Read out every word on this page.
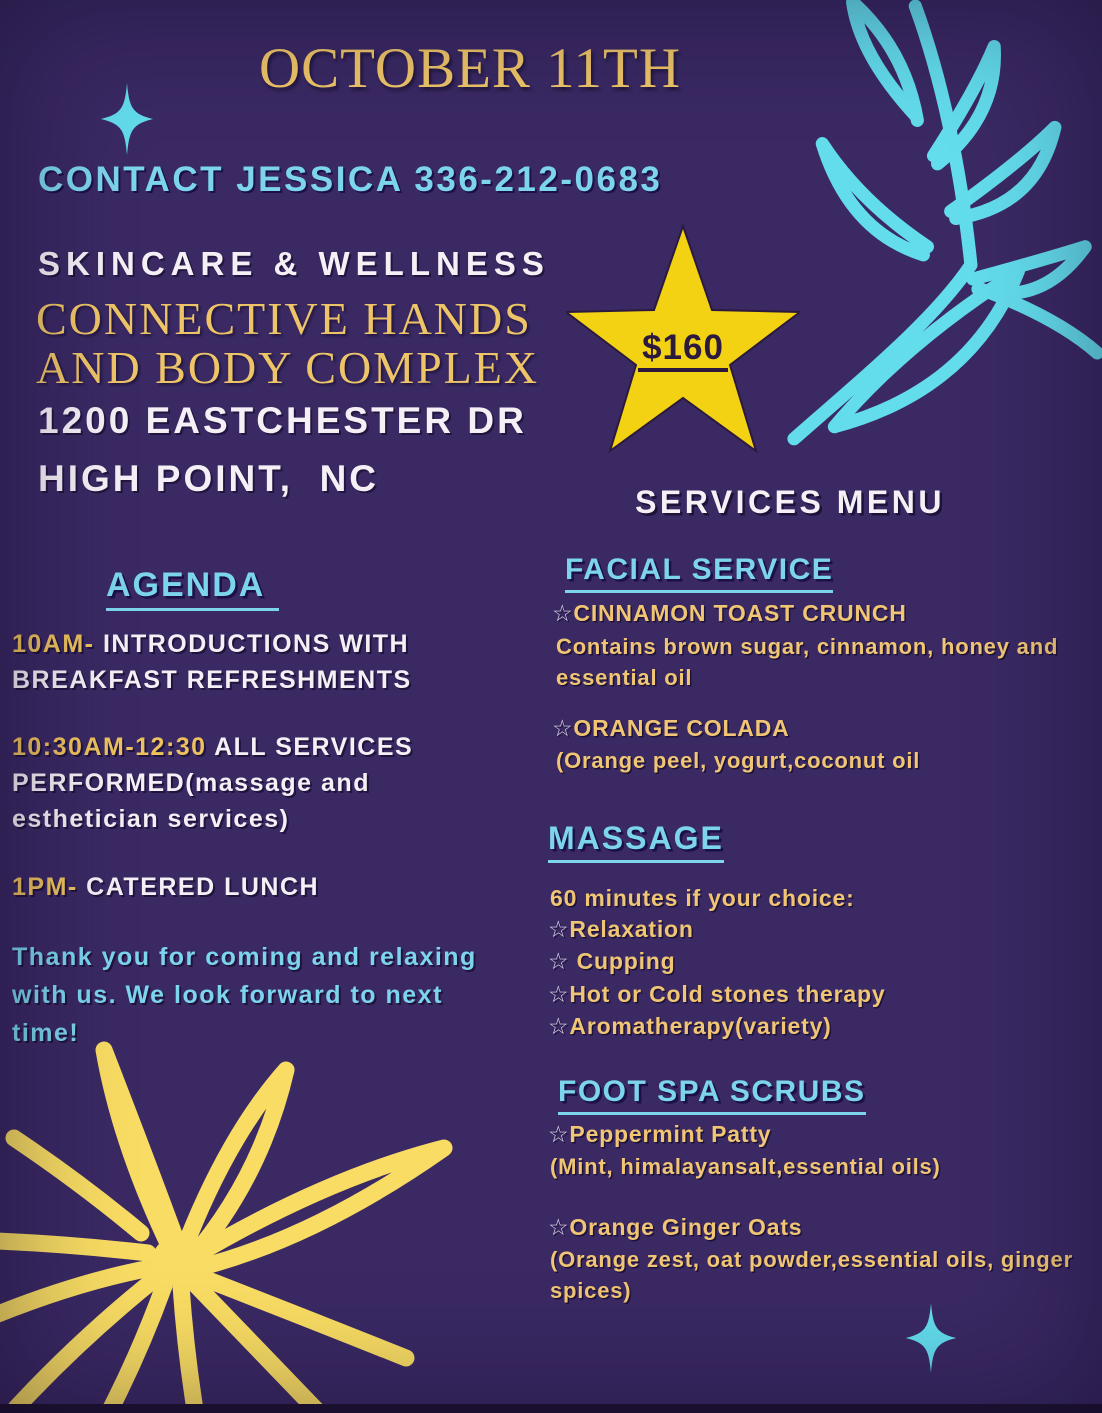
OCTOBER 11TH
CONTACT JESSICA 336-212-0683
SKINCARE & WELLNESS
CONNECTIVE HANDS
AND BODY COMPLEX
1200 EASTCHESTER DR
HIGH POINT,  NC
$160
SERVICES MENU
AGENDA
10AM- INTRODUCTIONS WITH BREAKFAST REFRESHMENTS
10:30AM-12:30 ALL SERVICES PERFORMED(massage and esthetician services)
1PM- CATERED LUNCH
Thank you for coming and relaxing with us. We look forward to next time!
FACIAL SERVICE
☆CINNAMON TOAST CRUNCH
Contains brown sugar, cinnamon, honey and essential oil
☆ORANGE COLADA
(Orange peel, yogurt,coconut oil
MASSAGE
60 minutes if your choice:
☆Relaxation
☆ Cupping
☆Hot or Cold stones therapy
☆Aromatherapy(variety)
FOOT SPA SCRUBS
☆Peppermint Patty
(Mint, himalayansalt,essential oils)
☆Orange Ginger Oats
(Orange zest, oat powder,essential oils, ginger spices)
